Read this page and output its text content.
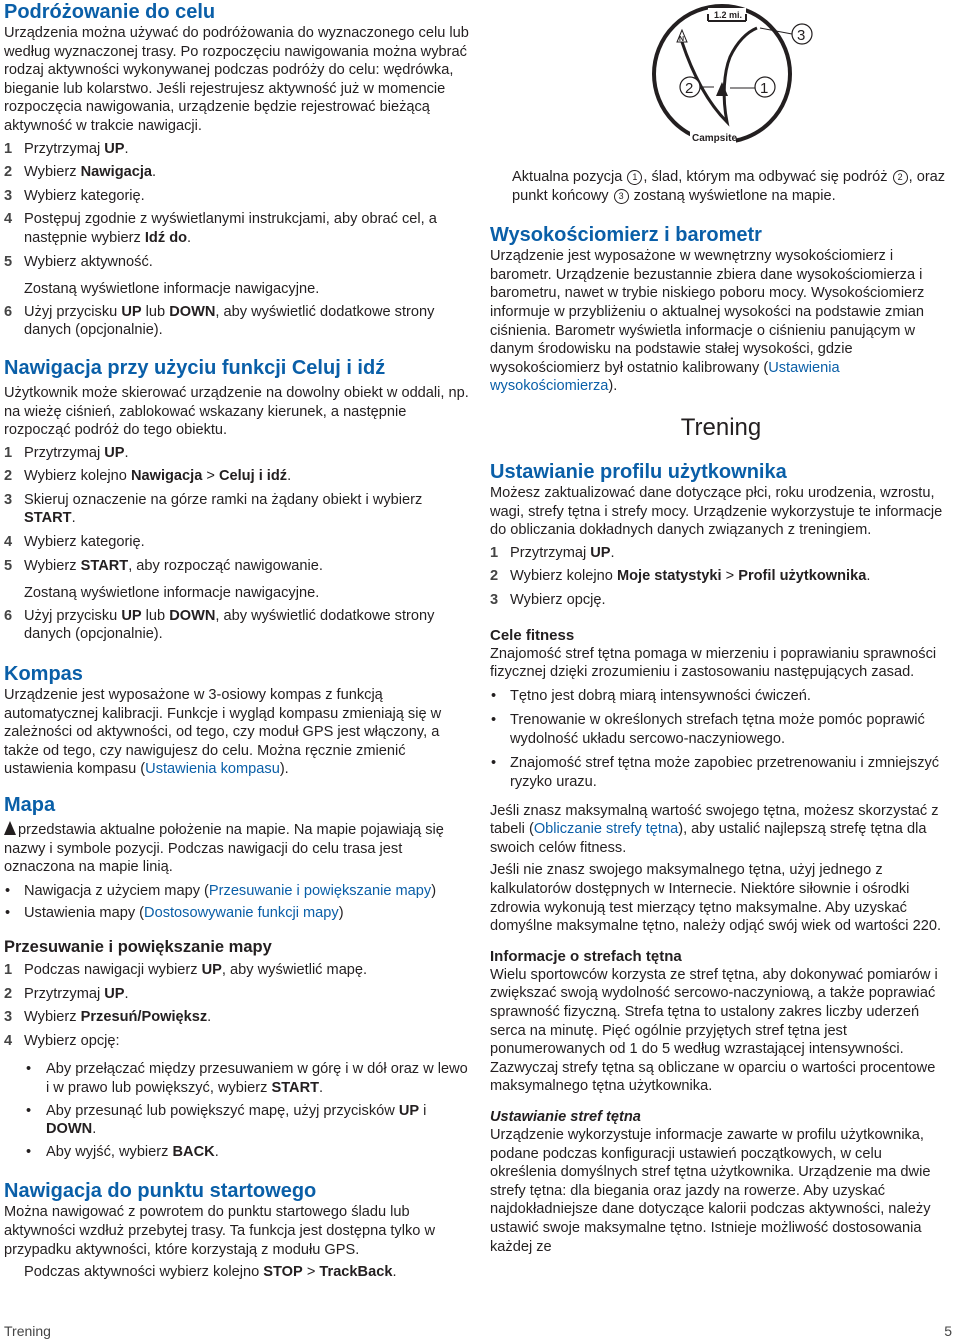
Podróżowanie do celu

Urządzenia można używać do podróżowania do wyznaczonego celu lub według wyznaczonej trasy. Po rozpoczęciu nawigowania można wybrać rodzaj aktywności wykonywanej podczas podróży do celu: wędrówka, bieganie lub kolarstwo. Jeśli rejestrujesz aktywność już w momencie rozpoczęcia nawigowania, urządzenie będzie rejestrować bieżącą aktywność w trakcie nawigacji.

1 Przytrzymaj UP.
2 Wybierz Nawigacja.
3 Wybierz kategorię.
4 Postępuj zgodnie z wyświetlanymi instrukcjami, aby obrać cel, a następnie wybierz Idź do.
5 Wybierz aktywność.

Zostaną wyświetlone informacje nawigacyjne.

6 Użyj przycisku UP lub DOWN, aby wyświetlić dodatkowe strony danych (opcjonalnie).
Nawigacja przy użyciu funkcji Celuj i idź

Użytkownik może skierować urządzenie na dowolny obiekt w oddali, np. na wieżę ciśnień, zablokować wskazany kierunek, a następnie rozpocząć podróż do tego obiektu.

1 Przytrzymaj UP.
2 Wybierz kolejno Nawigacja > Celuj i idź.
3 Skieruj oznaczenie na górze ramki na żądany obiekt i wybierz START.
4 Wybierz kategorię.
5 Wybierz START, aby rozpocząć nawigowanie.

Zostaną wyświetlone informacje nawigacyjne.

6 Użyj przycisku UP lub DOWN, aby wyświetlić dodatkowe strony danych (opcjonalnie).
Kompas

Urządzenie jest wyposażone w 3-osiowy kompas z funkcją automatycznej kalibracji. Funkcje i wygląd kompasu zmieniają się w zależności od aktywności, od tego, czy moduł GPS jest włączony, a także od tego, czy nawigujesz do celu. Można ręcznie zmienić ustawienia kompasu (Ustawienia kompasu).

Mapa

przedstawia aktualne położenie na mapie. Na mapie pojawiają się nazwy i symbole pozycji. Podczas nawigacji do celu trasa jest oznaczona na mapie linią.

• Nawigacja z użyciem mapy (Przesuwanie i powiększanie mapy)
• Ustawienia mapy (Dostosowywanie funkcji mapy)
Przesuwanie i powiększanie mapy
1 Podczas nawigacji wybierz UP, aby wyświetlić mapę.
2 Przytrzymaj UP.
3 Wybierz Przesuń/Powiększ.
4 Wybierz opcję:
• Aby przełączać między przesuwaniem w górę i w dół oraz w lewo i w prawo lub powiększyć, wybierz START.
• Aby przesunąć lub powiększyć mapę, użyj przycisków UP i DOWN.
• Aby wyjść, wybierz BACK.
Nawigacja do punktu startowego

Można nawigować z powrotem do punktu startowego śladu lub aktywności wzdłuż przebytej trasy. Ta funkcja jest dostępna tylko w przypadku aktywności, które korzystają z modułu GPS.

Podczas aktywności wybierz kolejno STOP > TrackBack.

1.2 mi.
N
Campsite
2	1
3

Aktualna pozycja 1 , ślad, którym ma odbywać się podróż 2 , oraz punkt końcowy 3 zostaną wyświetlone na mapie.

Wysokościomierz i barometr

Urządzenie jest wyposażone w wewnętrzny wysokościomierz i barometr. Urządzenie bezustannie zbiera dane wysokościomierza i barometru, nawet w trybie niskiego poboru mocy. Wysokościomierz informuje w przybliżeniu o aktualnej wysokości na podstawie zmian ciśnienia. Barometr wyświetla informacje o ciśnieniu panującym w danym środowisku na podstawie stałej wysokości, gdzie wysokościomierz był ostatnio kalibrowany (Ustawienia wysokościomierza).

Trening
Ustawianie profilu użytkownika

Możesz zaktualizować dane dotyczące płci, roku urodzenia, wzrostu, wagi, strefy tętna i strefy mocy. Urządzenie wykorzystuje te informacje do obliczania dokładnych danych związanych z treningiem.

1 Przytrzymaj UP.
2 Wybierz kolejno Moje statystyki > Profil użytkownika.
3 Wybierz opcję.
Cele fitness

Znajomość stref tętna pomaga w mierzeniu i poprawianiu sprawności fizycznej dzięki zrozumieniu i zastosowaniu następujących zasad.

• Tętno jest dobrą miarą intensywności ćwiczeń.
• Trenowanie w określonych strefach tętna może pomóc poprawić wydolność układu sercowo-naczyniowego.
• Znajomość stref tętna może zapobiec przetrenowaniu i zmniejszyć ryzyko urazu.

Jeśli znasz maksymalną wartość swojego tętna, możesz skorzystać z tabeli (Obliczanie strefy tętna), aby ustalić najlepszą strefę tętna dla swoich celów fitness.

Jeśli nie znasz swojego maksymalnego tętna, użyj jednego z kalkulatorów dostępnych w Internecie. Niektóre siłownie i ośrodki zdrowia wykonują test mierzący tętno maksymalne. Aby uzyskać domyślne maksymalne tętno, należy odjąć swój wiek od wartości 220.

Informacje o strefach tętna

Wielu sportowców korzysta ze stref tętna, aby dokonywać pomiarów i zwiększać swoją wydolność sercowo-naczyniową, a także poprawiać sprawność fizyczną. Strefa tętna to ustalony zakres liczby uderzeń serca na minutę. Pięć ogólnie przyjętych stref tętna jest ponumerowanych od 1 do 5 według wzrastającej intensywności. Zazwyczaj strefy tętna są obliczane w oparciu o wartości procentowe maksymalnego tętna użytkownika.

Ustawianie stref tętna

Urządzenie wykorzystuje informacje zawarte w profilu użytkownika, podane podczas konfiguracji ustawień początkowych, w celu określenia domyślnych stref tętna użytkownika. Urządzenie ma dwie strefy tętna: dla biegania oraz jazdy na rowerze. Aby uzyskać najdokładniejsze dane dotyczące kalorii podczas aktywności, należy ustawić swoje maksymalne tętno. Istnieje możliwość dostosowania każdej ze

Trening	5
